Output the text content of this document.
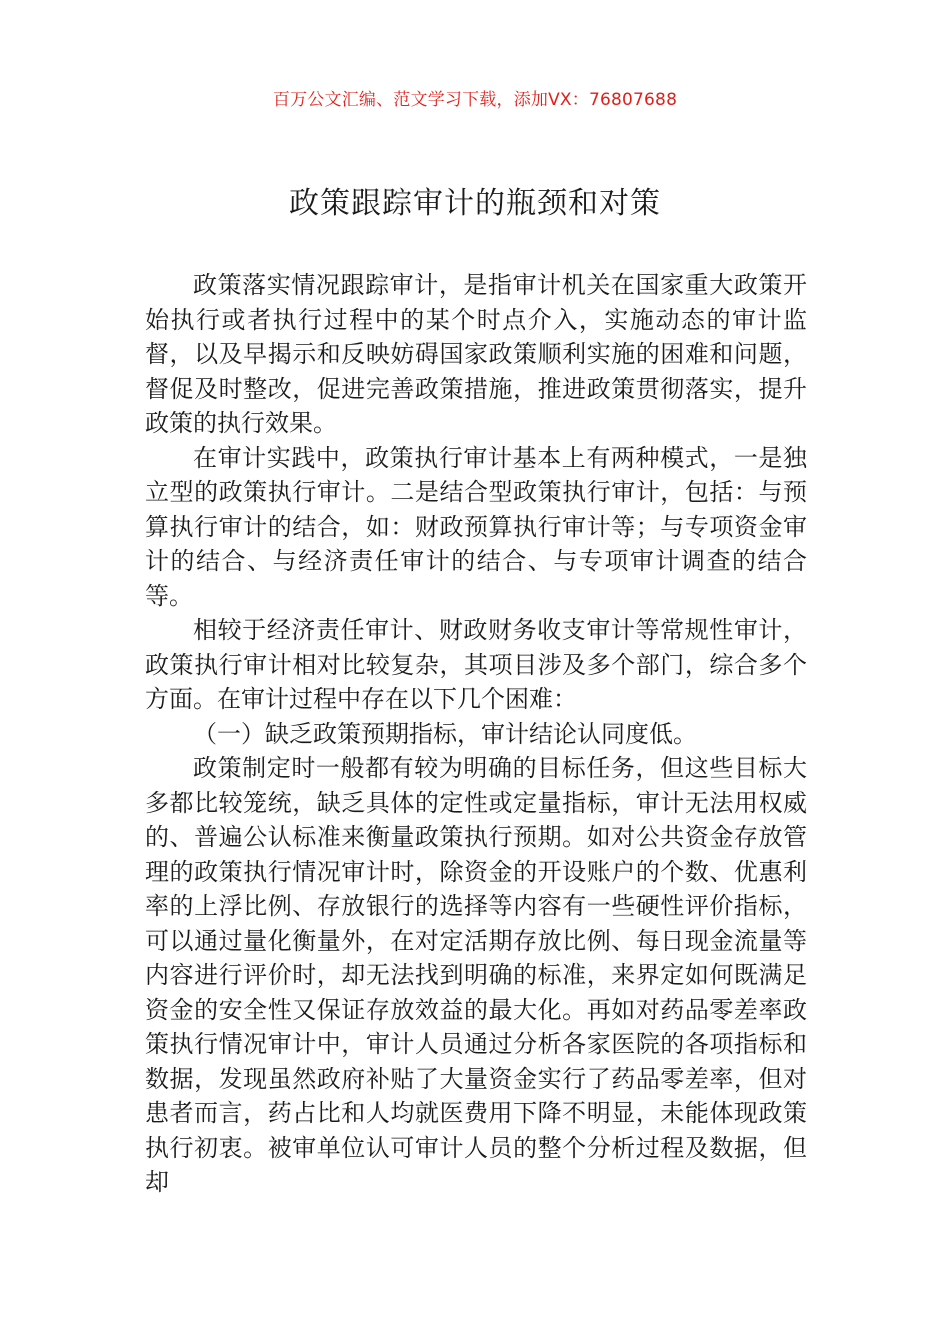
百万公文汇编、范文学习下载，添加VX：76807688

政策跟踪审计的瓶颈和对策

政策落实情况跟踪审计，是指审计机关在国家重大政策开始执行或者执行过程中的某个时点介入，实施动态的审计监督，以及早揭示和反映妨碍国家政策顺利实施的困难和问题，督促及时整改，促进完善政策措施，推进政策贯彻落实，提升政策的执行效果。

在审计实践中，政策执行审计基本上有两种模式，一是独立型的政策执行审计。二是结合型政策执行审计，包括：与预算执行审计的结合，如：财政预算执行审计等；与专项资金审计的结合、与经济责任审计的结合、与专项审计调查的结合等。

相较于经济责任审计、财政财务收支审计等常规性审计，政策执行审计相对比较复杂，其项目涉及多个部门，综合多个方面。在审计过程中存在以下几个困难：

（一）缺乏政策预期指标，审计结论认同度低。

政策制定时一般都有较为明确的目标任务，但这些目标大多都比较笼统，缺乏具体的定性或定量指标，审计无法用权威的、普遍公认标准来衡量政策执行预期。如对公共资金存放管理的政策执行情况审计时，除资金的开设账户的个数、优惠利率的上浮比例、存放银行的选择等内容有一些硬性评价指标，可以通过量化衡量外，在对定活期存放比例、每日现金流量等内容进行评价时，却无法找到明确的标准，来界定如何既满足资金的安全性又保证存放效益的最大化。再如对药品零差率政策执行情况审计中，审计人员通过分析各家医院的各项指标和数据，发现虽然政府补贴了大量资金实行了药品零差率，但对患者而言，药占比和人均就医费用下降不明显，未能体现政策执行初衷。被审单位认可审计人员的整个分析过程及数据，但却
